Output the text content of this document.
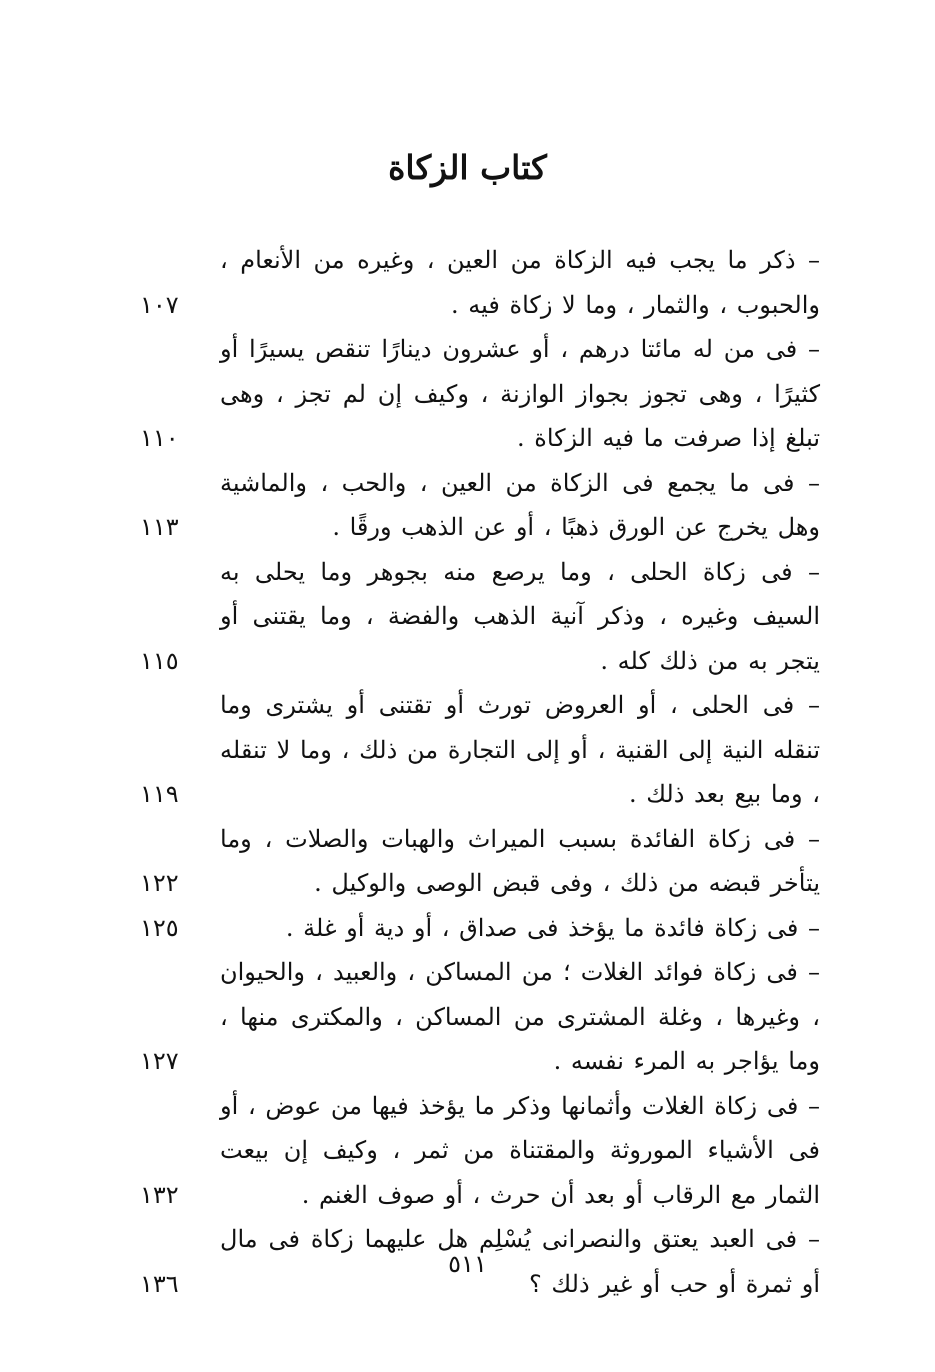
كتاب الزكاة
– ذكر ما يجب فيه الزكاة من العين ، وغيره من الأنعام ، والحبوب ، والثمار ، وما لا زكاة فيه .
١٠٧
– فى من له مائتا درهم ، أو عشرون دينارًا تنقص يسيرًا أو كثيرًا ، وهى تجوز بجواز الوازنة ، وكيف إن لم تجز ، وهى تبلغ إذا صرفت ما فيه الزكاة .
١١٠
– فى ما يجمع فى الزكاة من العين ، والحب ، والماشية وهل يخرج عن الورق ذهبًا ، أو عن الذهب ورقًا .
١١٣
– فى زكاة الحلى ، وما يرصع منه بجوهر وما يحلى به السيف وغيره ، وذكر آنية الذهب والفضة ، وما يقتنى أو يتجر به من ذلك كله .
١١٥
– فى الحلى ، أو العروض تورث أو تقتنى أو يشترى وما تنقله النية إلى القنية ، أو إلى التجارة من ذلك ، وما لا تنقله ، وما بيع بعد ذلك .
١١٩
– فى زكاة الفائدة بسبب الميراث والهبات والصلات ، وما يتأخر قبضه من ذلك ، وفى قبض الوصى والوكيل .
١٢٢
– فى زكاة فائدة ما يؤخذ فى صداق ، أو دية أو غلة .
١٢٥
– فى زكاة فوائد الغلات ؛ من المساكن ، والعبيد ، والحيوان ، وغيرها ، وغلة المشترى من المساكن ، والمكترى منها ، وما يؤاجر به المرء نفسه .
١٢٧
– فى زكاة الغلات وأثمانها وذكر ما يؤخذ فيها من عوض ، أو فى الأشياء الموروثة والمقتناة من ثمر ، وكيف إن بيعت الثمار مع الرقاب أو بعد أن حرث ، أو صوف الغنم .
١٣٢
– فى العبد يعتق والنصرانى يُسْلِم هل عليهما زكاة فى مال أو ثمرة أو حب أو غير ذلك ؟
١٣٦
٥١١
